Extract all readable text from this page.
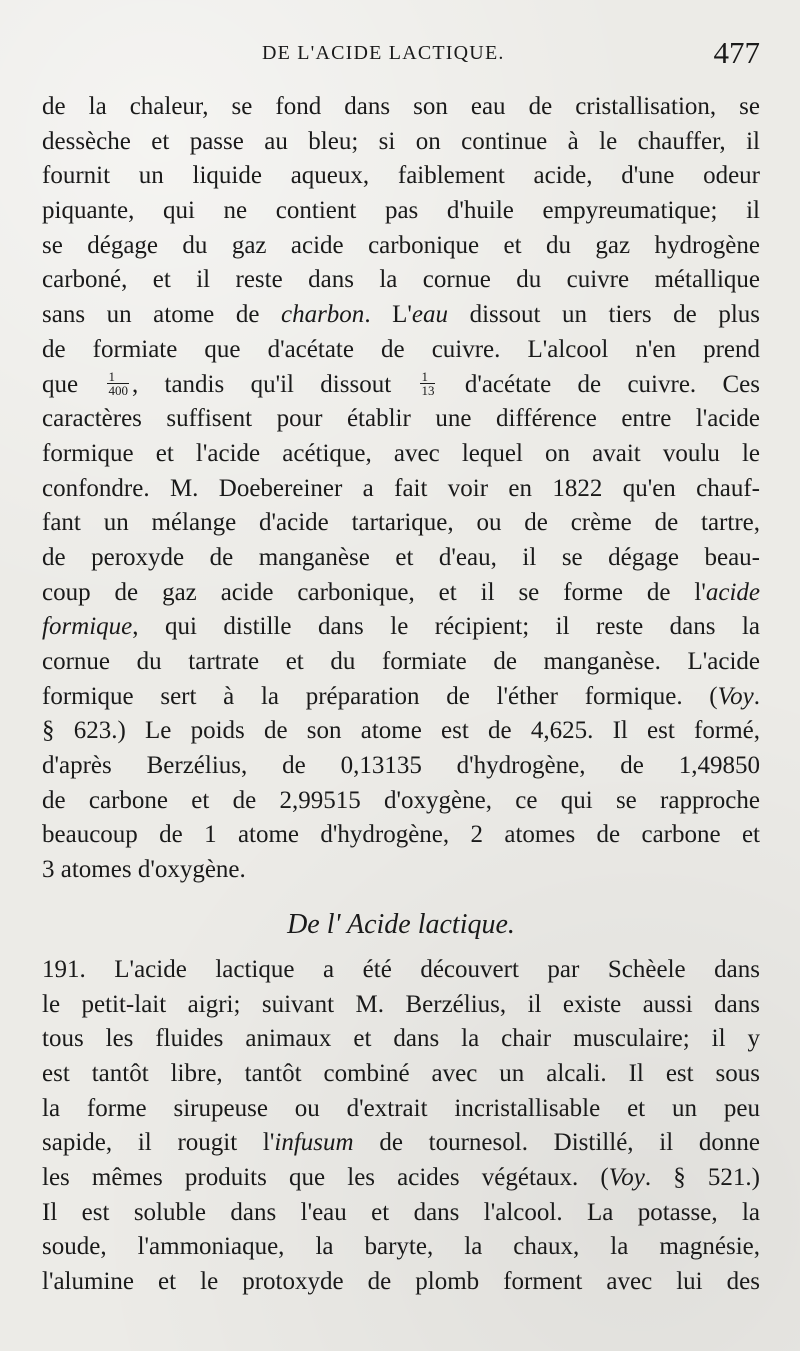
DE L'ACIDE LACTIQUE.	477
de la chaleur, se fond dans son eau de cristallisation, se
dessèche et passe au bleu; si on continue à le chauffer, il
fournit un liquide aqueux, faiblement acide, d'une odeur
piquante, qui ne contient pas d'huile empyreumatique; il
se dégage du gaz acide carbonique et du gaz hydrogène
carboné, et il reste dans la cornue du cuivre métallique
sans un atome de charbon. L'eau dissout un tiers de plus
de formiate que d'acétate de cuivre. L'alcool n'en prend
que $\frac{1}{400}$ , tandis qu'il dissout $\frac{1}{13}$ d'acétate de cuivre. Ces
caractères suffisent pour établir une différence entre l'acide
formique et l'acide acétique, avec lequel on avait voulu le
confondre. M. Doebereiner a fait voir en 1822 qu'en chauf-
fant un mélange d'acide tartarique, ou de crème de tartre,
de peroxyde de manganèse et d'eau, il se dégage beau-
coup de gaz acide carbonique, et il se forme de l'acide
formique, qui distille dans le récipient; il reste dans la
cornue du tartrate et du formiate de manganèse. L'acide
formique sert à la préparation de l'éther formique. (Voy.
§ 623.) Le poids de son atome est de 4,625. Il est formé,
d'après Berzélius, de 0,13135 d'hydrogène, de 1,49850
de carbone et de 2,99515 d'oxygène, ce qui se rapproche
beaucoup de 1 atome d'hydrogène, 2 atomes de carbone et
3 atomes d'oxygène.
De l' Acide lactique.
191. L'acide lactique a été découvert par Schèele dans
le petit-lait aigri; suivant M. Berzélius, il existe aussi dans
tous les fluides animaux et dans la chair musculaire; il y
est tantôt libre, tantôt combiné avec un alcali. Il est sous
la forme sirupeuse ou d'extrait incristallisable et un peu
sapide, il rougit l'infusum de tournesol. Distillé, il donne
les mêmes produits que les acides végétaux. (Voy. § 521.)
Il est soluble dans l'eau et dans l'alcool. La potasse, la
soude, l'ammoniaque, la baryte, la chaux, la magnésie,
l'alumine et le protoxyde de plomb forment avec lui des
